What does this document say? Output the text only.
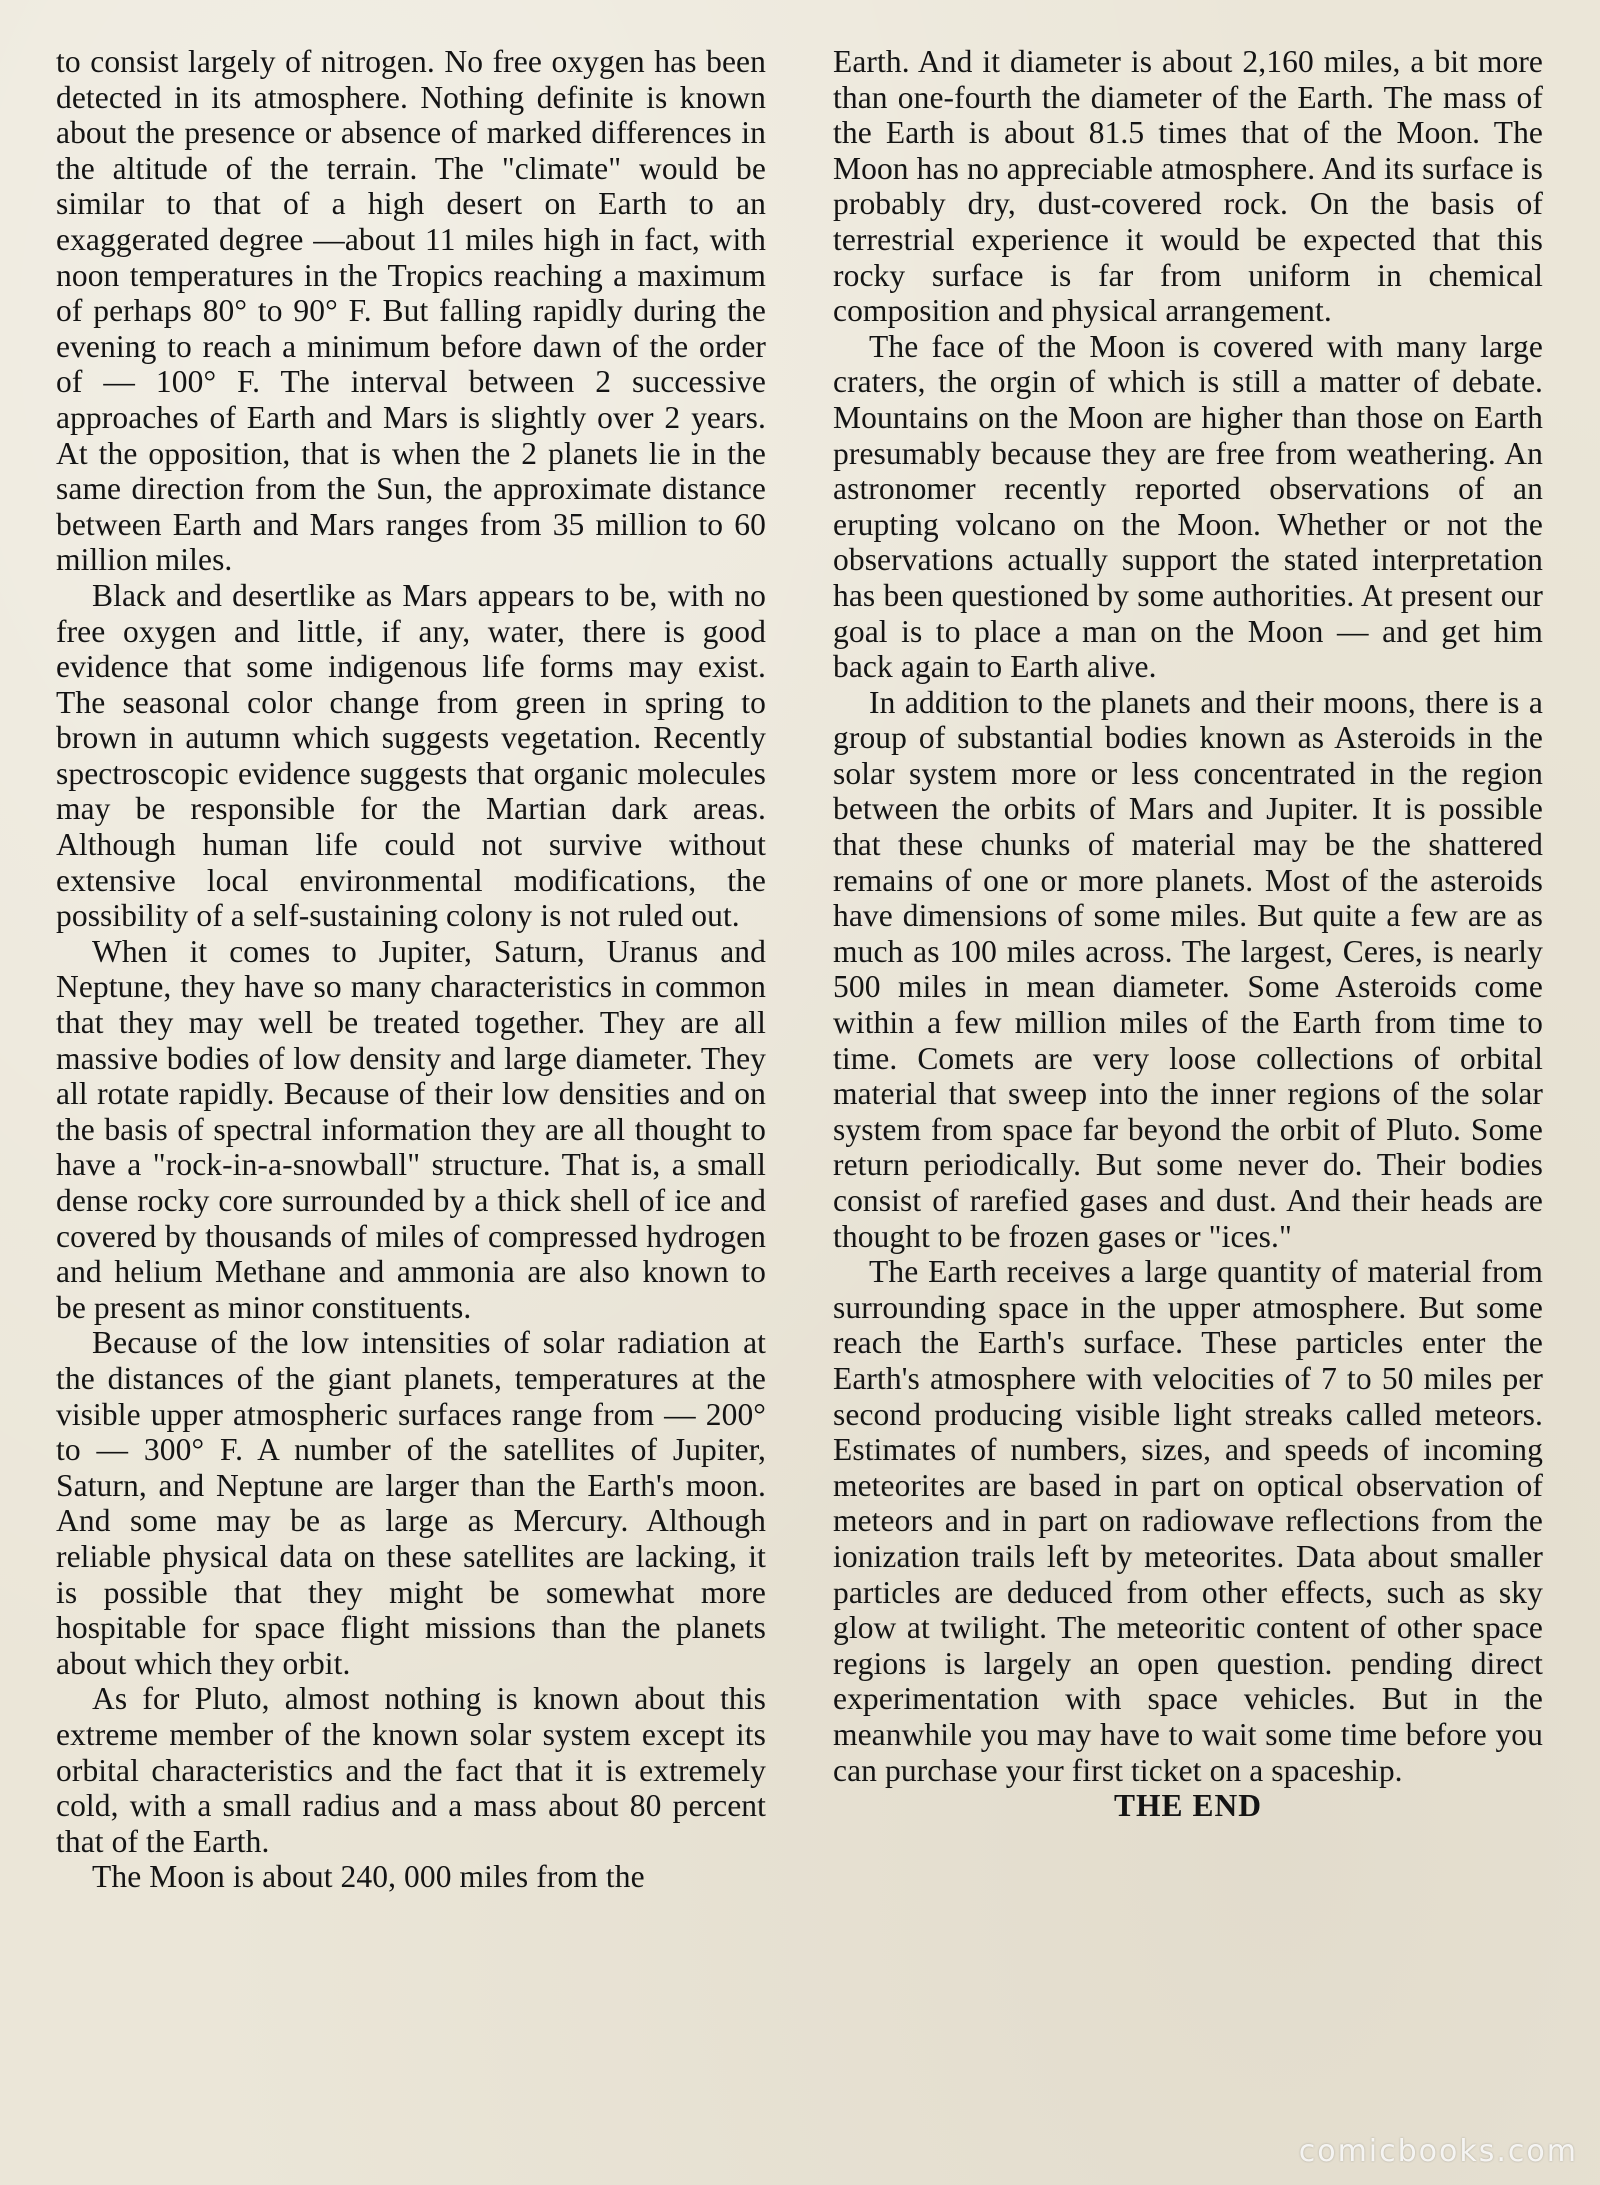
to consist largely of nitrogen. No free oxygen has been detected in its atmosphere. Nothing definite is known about the presence or absence of marked differences in the altitude of the terrain. The "climate" would be similar to that of a high desert on Earth to an exaggerated degree —about 11 miles high in fact, with noon temperatures in the Tropics reaching a maximum of perhaps 80° to 90° F. But falling rapidly during the evening to reach a minimum before dawn of the order of — 100° F. The interval between 2 successive approaches of Earth and Mars is slightly over 2 years. At the opposition, that is when the 2 planets lie in the same direction from the Sun, the approximate distance between Earth and Mars ranges from 35 million to 60 million miles.

Black and desertlike as Mars appears to be, with no free oxygen and little, if any, water, there is good evidence that some indigenous life forms may exist. The seasonal color change from green in spring to brown in autumn which suggests vegetation. Recently spectroscopic evidence suggests that organic molecules may be responsible for the Martian dark areas. Although human life could not survive without extensive local environmental modifications, the possibility of a self-sustaining colony is not ruled out.

When it comes to Jupiter, Saturn, Uranus and Neptune, they have so many characteristics in common that they may well be treated together. They are all massive bodies of low density and large diameter. They all rotate rapidly. Because of their low densities and on the basis of spectral information they are all thought to have a "rock-in-a-snowball" structure. That is, a small dense rocky core surrounded by a thick shell of ice and covered by thousands of miles of compressed hydrogen and helium Methane and ammonia are also known to be present as minor constituents.

Because of the low intensities of solar radiation at the distances of the giant planets, temperatures at the visible upper atmospheric surfaces range from — 200° to — 300° F. A number of the satellites of Jupiter, Saturn, and Neptune are larger than the Earth's moon. And some may be as large as Mercury. Although reliable physical data on these satellites are lacking, it is possible that they might be somewhat more hospitable for space flight missions than the planets about which they orbit.

As for Pluto, almost nothing is known about this extreme member of the known solar system except its orbital characteristics and the fact that it is extremely cold, with a small radius and a mass about 80 percent that of the Earth.

The Moon is about 240, 000 miles from the

Earth. And it diameter is about 2,160 miles, a bit more than one-fourth the diameter of the Earth. The mass of the Earth is about 81.5 times that of the Moon. The Moon has no appreciable atmosphere. And its surface is probably dry, dust-covered rock. On the basis of terrestrial experience it would be expected that this rocky surface is far from uniform in chemical composition and physical arrangement.

The face of the Moon is covered with many large craters, the orgin of which is still a matter of debate. Mountains on the Moon are higher than those on Earth presumably because they are free from weathering. An astronomer recently reported observations of an erupting volcano on the Moon. Whether or not the observations actually support the stated interpretation has been questioned by some authorities. At present our goal is to place a man on the Moon — and get him back again to Earth alive.

In addition to the planets and their moons, there is a group of substantial bodies known as Asteroids in the solar system more or less concentrated in the region between the orbits of Mars and Jupiter. It is possible that these chunks of material may be the shattered remains of one or more planets. Most of the asteroids have dimensions of some miles. But quite a few are as much as 100 miles across. The largest, Ceres, is nearly 500 miles in mean diameter. Some Asteroids come within a few million miles of the Earth from time to time. Comets are very loose collections of orbital material that sweep into the inner regions of the solar system from space far beyond the orbit of Pluto. Some return periodically. But some never do. Their bodies consist of rarefied gases and dust. And their heads are thought to be frozen gases or "ices."

The Earth receives a large quantity of material from surrounding space in the upper atmosphere. But some reach the Earth's surface. These particles enter the Earth's atmosphere with velocities of 7 to 50 miles per second producing visible light streaks called meteors. Estimates of numbers, sizes, and speeds of incoming meteorites are based in part on optical observation of meteors and in part on radiowave reflections from the ionization trails left by meteorites. Data about smaller particles are deduced from other effects, such as sky glow at twilight. The meteoritic content of other space regions is largely an open question. pending direct experimentation with space vehicles. But in the meanwhile you may have to wait some time before you can purchase your first ticket on a spaceship.

THE END

comicbooks.com
